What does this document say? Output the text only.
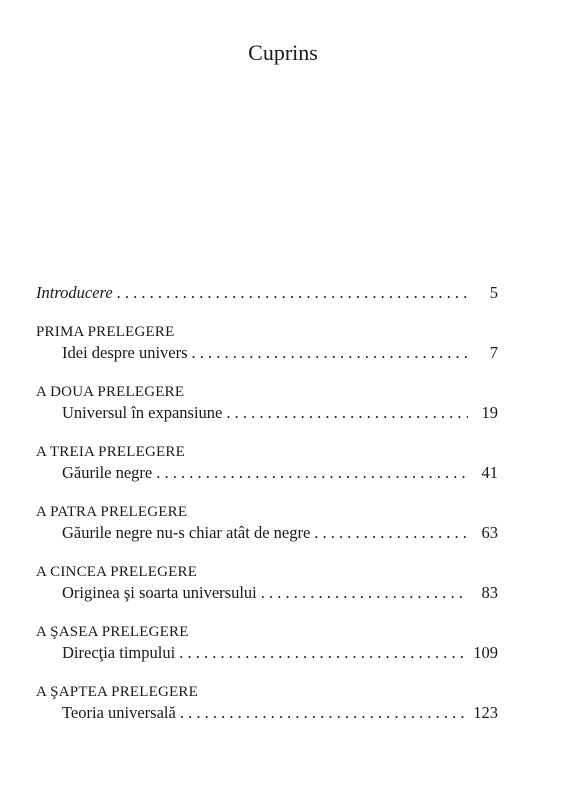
Cuprins
Introducere . . .	5
PRIMA PRELEGERE
Idei despre univers . . .	7
A DOUA PRELEGERE
Universul în expansiune . . .	19
A TREIA PRELEGERE
Găurile negre . . .	41
A PATRA PRELEGERE
Găurile negre nu-s chiar atât de negre . . .	63
A CINCEA PRELEGERE
Originea şi soarta universului . . .	83
A ŞASEA PRELEGERE
Direcţia timpului . . .	109
A ŞAPTEA PRELEGERE
Teoria universală . . .	123
